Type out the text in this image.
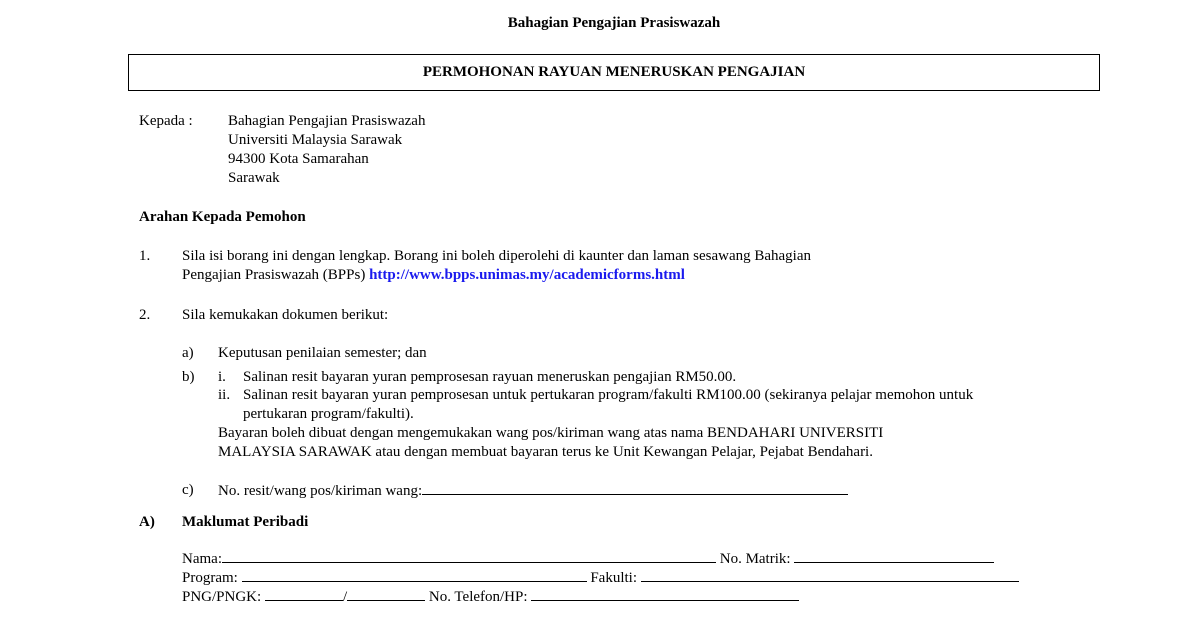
Bahagian Pengajian Prasiswazah
PERMOHONAN RAYUAN MENERUSKAN PENGAJIAN
Kepada : Bahagian Pengajian Prasiswazah
Universiti Malaysia Sarawak
94300 Kota Samarahan
Sarawak
Arahan Kepada Pemohon
1. Sila isi borang ini dengan lengkap. Borang ini boleh diperolehi di kaunter dan laman sesawang Bahagian
Pengajian Prasiswazah (BPPs) http://www.bpps.unimas.my/academicforms.html
2. Sila kemukakan dokumen berikut:
a) Keputusan penilaian semester; dan
b) i. Salinan resit bayaran yuran pemprosesan rayuan meneruskan pengajian RM50.00.
ii. Salinan resit bayaran yuran pemprosesan untuk pertukaran program/fakulti RM100.00 (sekiranya pelajar memohon untuk
pertukaran program/fakulti).
Bayaran boleh dibuat dengan mengemukakan wang pos/kiriman wang atas nama BENDAHARI UNIVERSITI
MALAYSIA SARAWAK atau dengan membuat bayaran terus ke Unit Kewangan Pelajar, Pejabat Bendahari.
c) No. resit/wang pos/kiriman wang:
A) Maklumat Peribadi
Nama:	No. Matrik:
Program:	Fakulti:
PNG/PNGK:	/	No. Telefon/HP:
